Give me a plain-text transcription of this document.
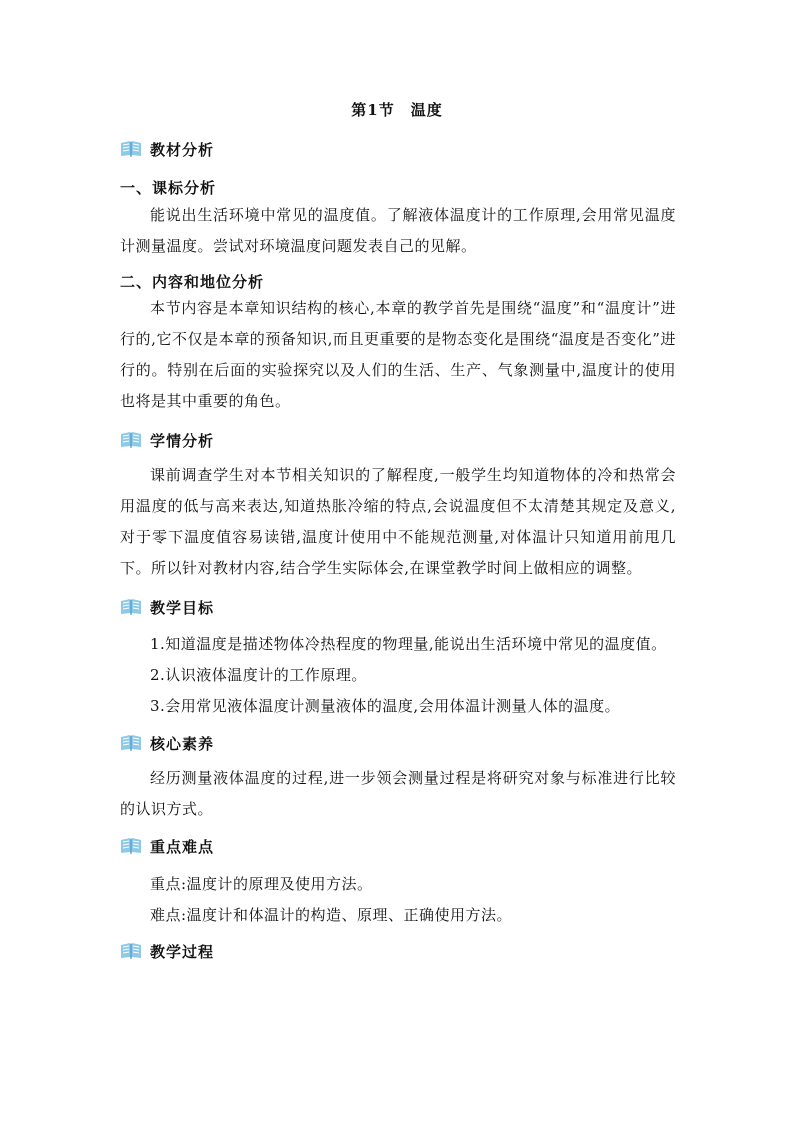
第1节　温度
教材分析
一、课标分析
能说出生活环境中常见的温度值。了解液体温度计的工作原理,会用常见温度计测量温度。尝试对环境温度问题发表自己的见解。
二、内容和地位分析
本节内容是本章知识结构的核心,本章的教学首先是围绕“温度”和“温度计”进行的,它不仅是本章的预备知识,而且更重要的是物态变化是围绕“温度是否变化”进行的。特别在后面的实验探究以及人们的生活、生产、气象测量中,温度计的使用也将是其中重要的角色。
学情分析
课前调查学生对本节相关知识的了解程度,一般学生均知道物体的冷和热常会用温度的低与高来表达,知道热胀冷缩的特点,会说温度但不太清楚其规定及意义,对于零下温度值容易读错,温度计使用中不能规范测量,对体温计只知道用前甩几下。所以针对教材内容,结合学生实际体会,在课堂教学时间上做相应的调整。
教学目标
1.知道温度是描述物体冷热程度的物理量,能说出生活环境中常见的温度值。
2.认识液体温度计的工作原理。
3.会用常见液体温度计测量液体的温度,会用体温计测量人体的温度。
核心素养
经历测量液体温度的过程,进一步领会测量过程是将研究对象与标准进行比较的认识方式。
重点难点
重点:温度计的原理及使用方法。
难点:温度计和体温计的构造、原理、正确使用方法。
教学过程
